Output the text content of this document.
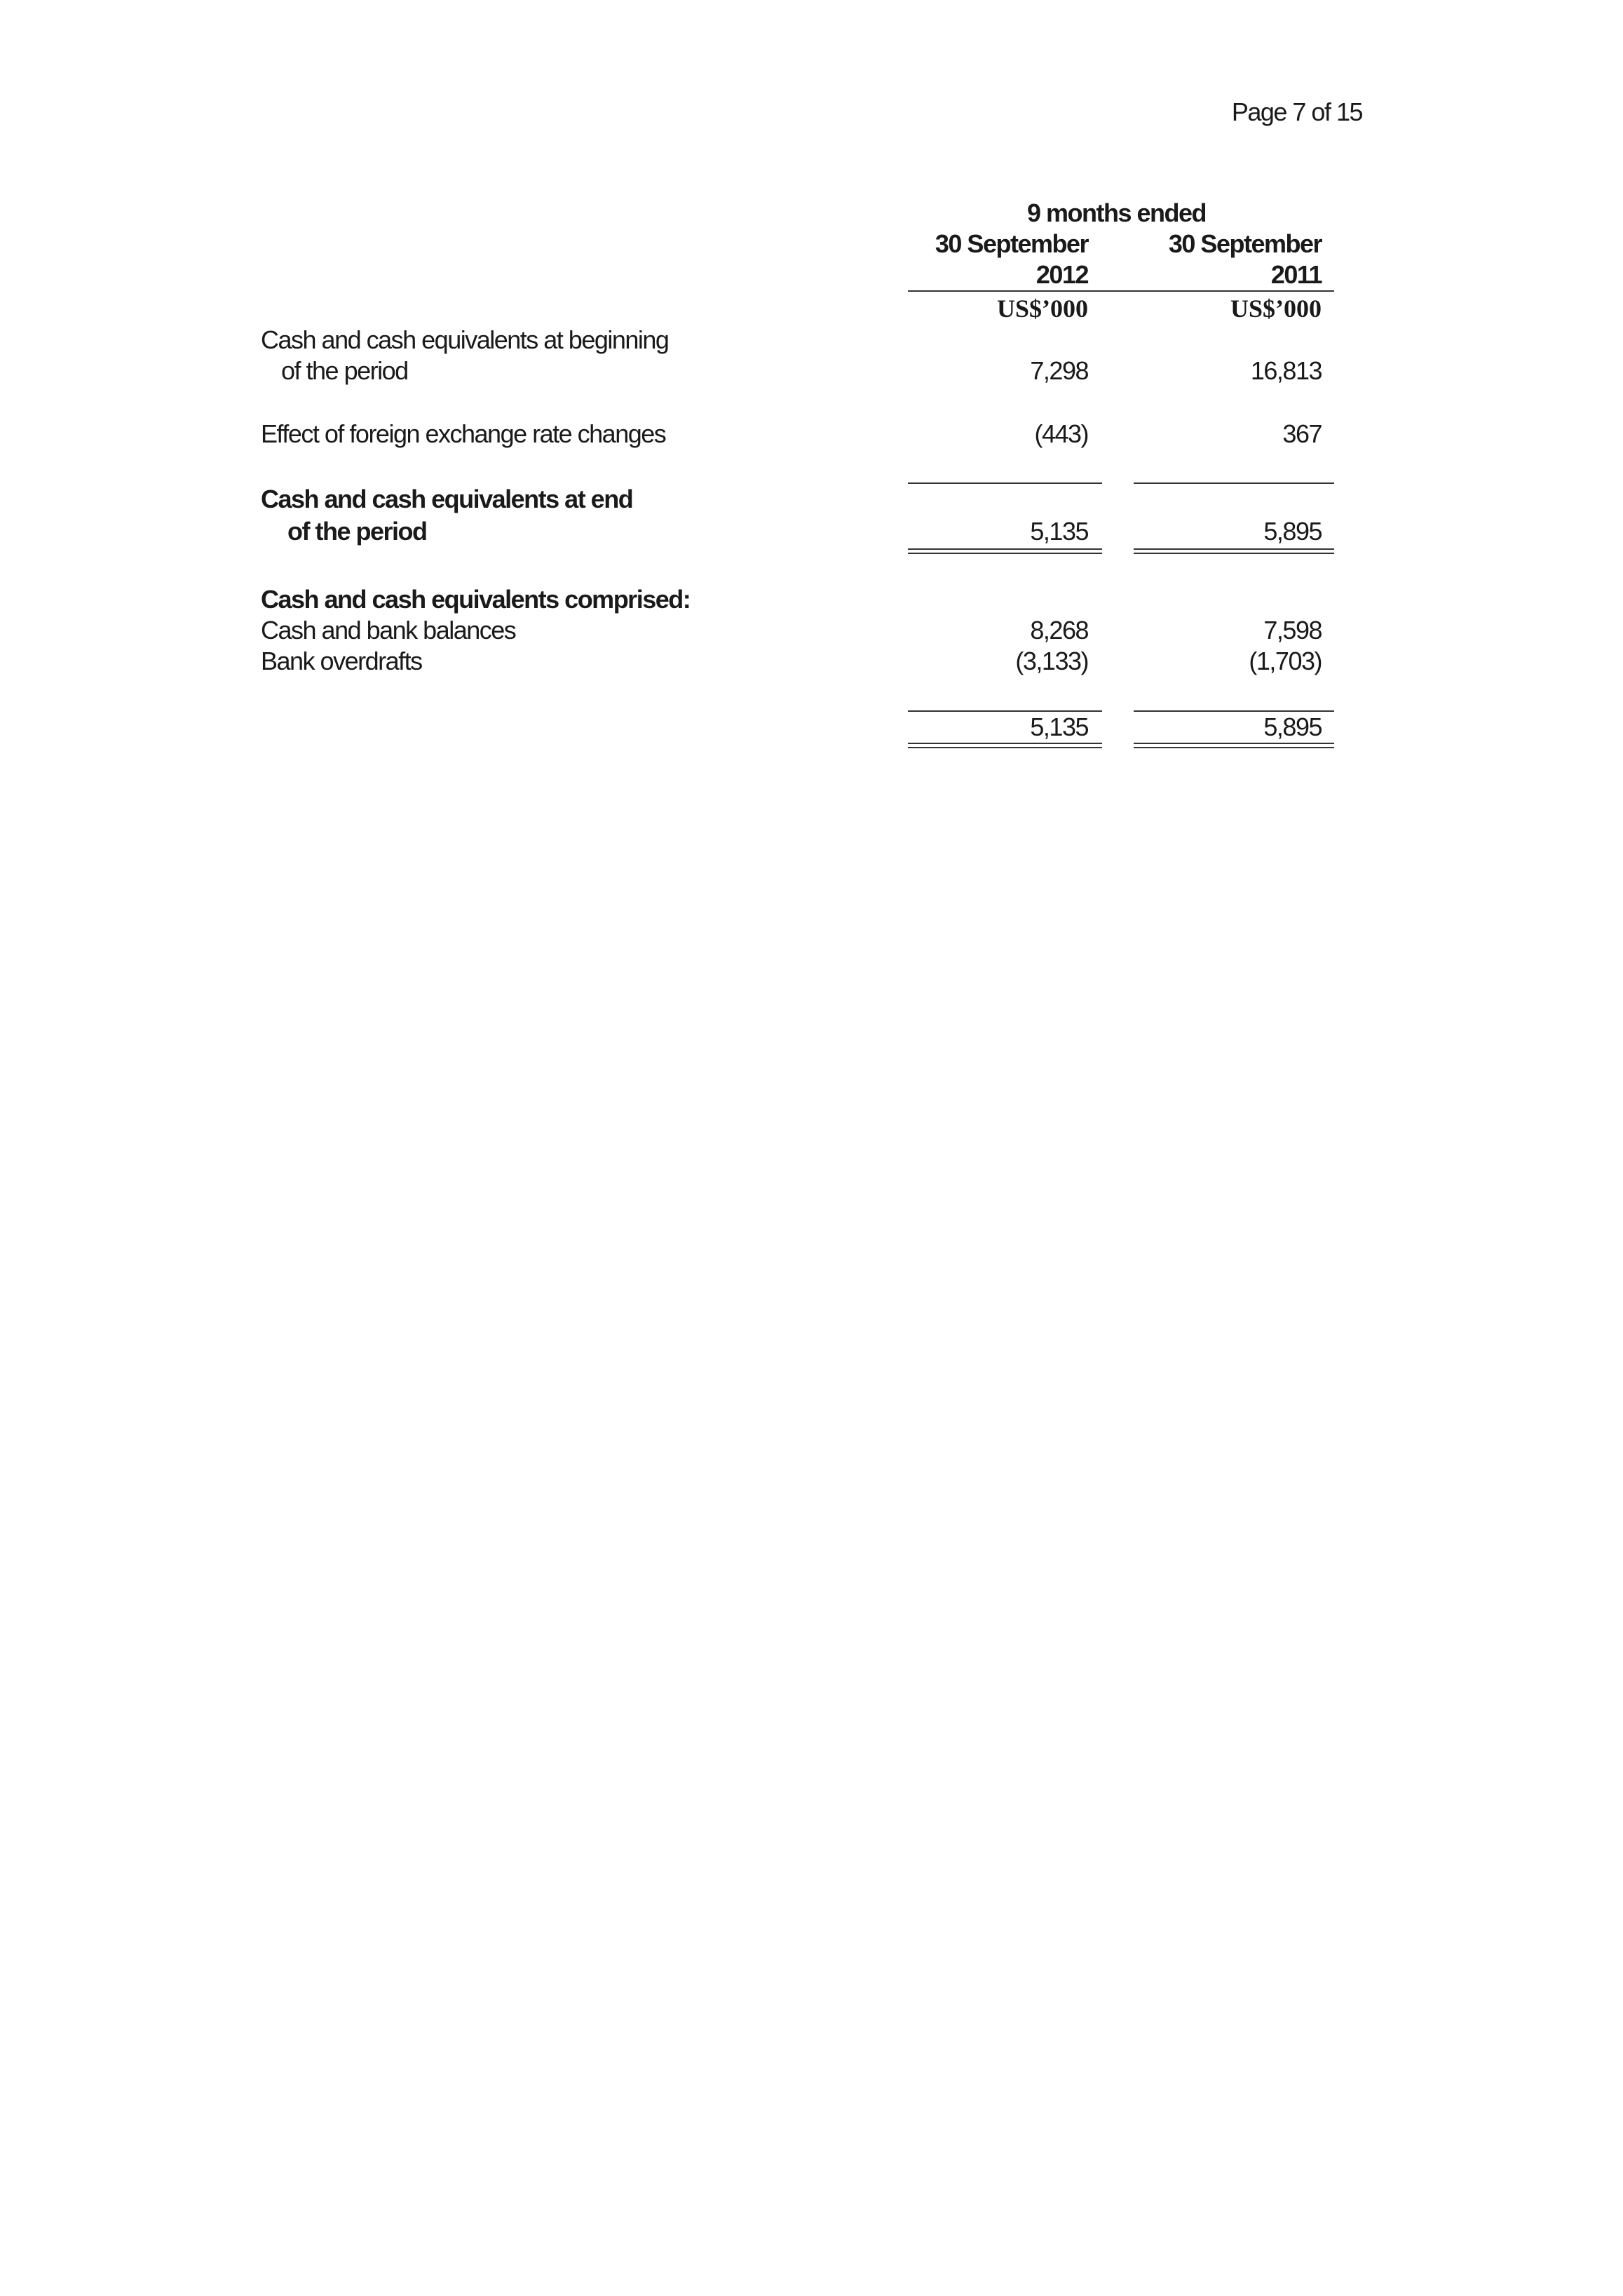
Page 7 of 15
9 months ended
30 September	30 September
2012	2011
US$’000	US$’000
Cash and cash equivalents at beginning
of the period	7,298	16,813
Effect of foreign exchange rate changes	(443)	367
Cash and cash equivalents at end
of the period	5,135	5,895
Cash and cash equivalents comprised:
Cash and bank balances	8,268	7,598
Bank overdrafts	(3,133)	(1,703)
5,135	5,895
